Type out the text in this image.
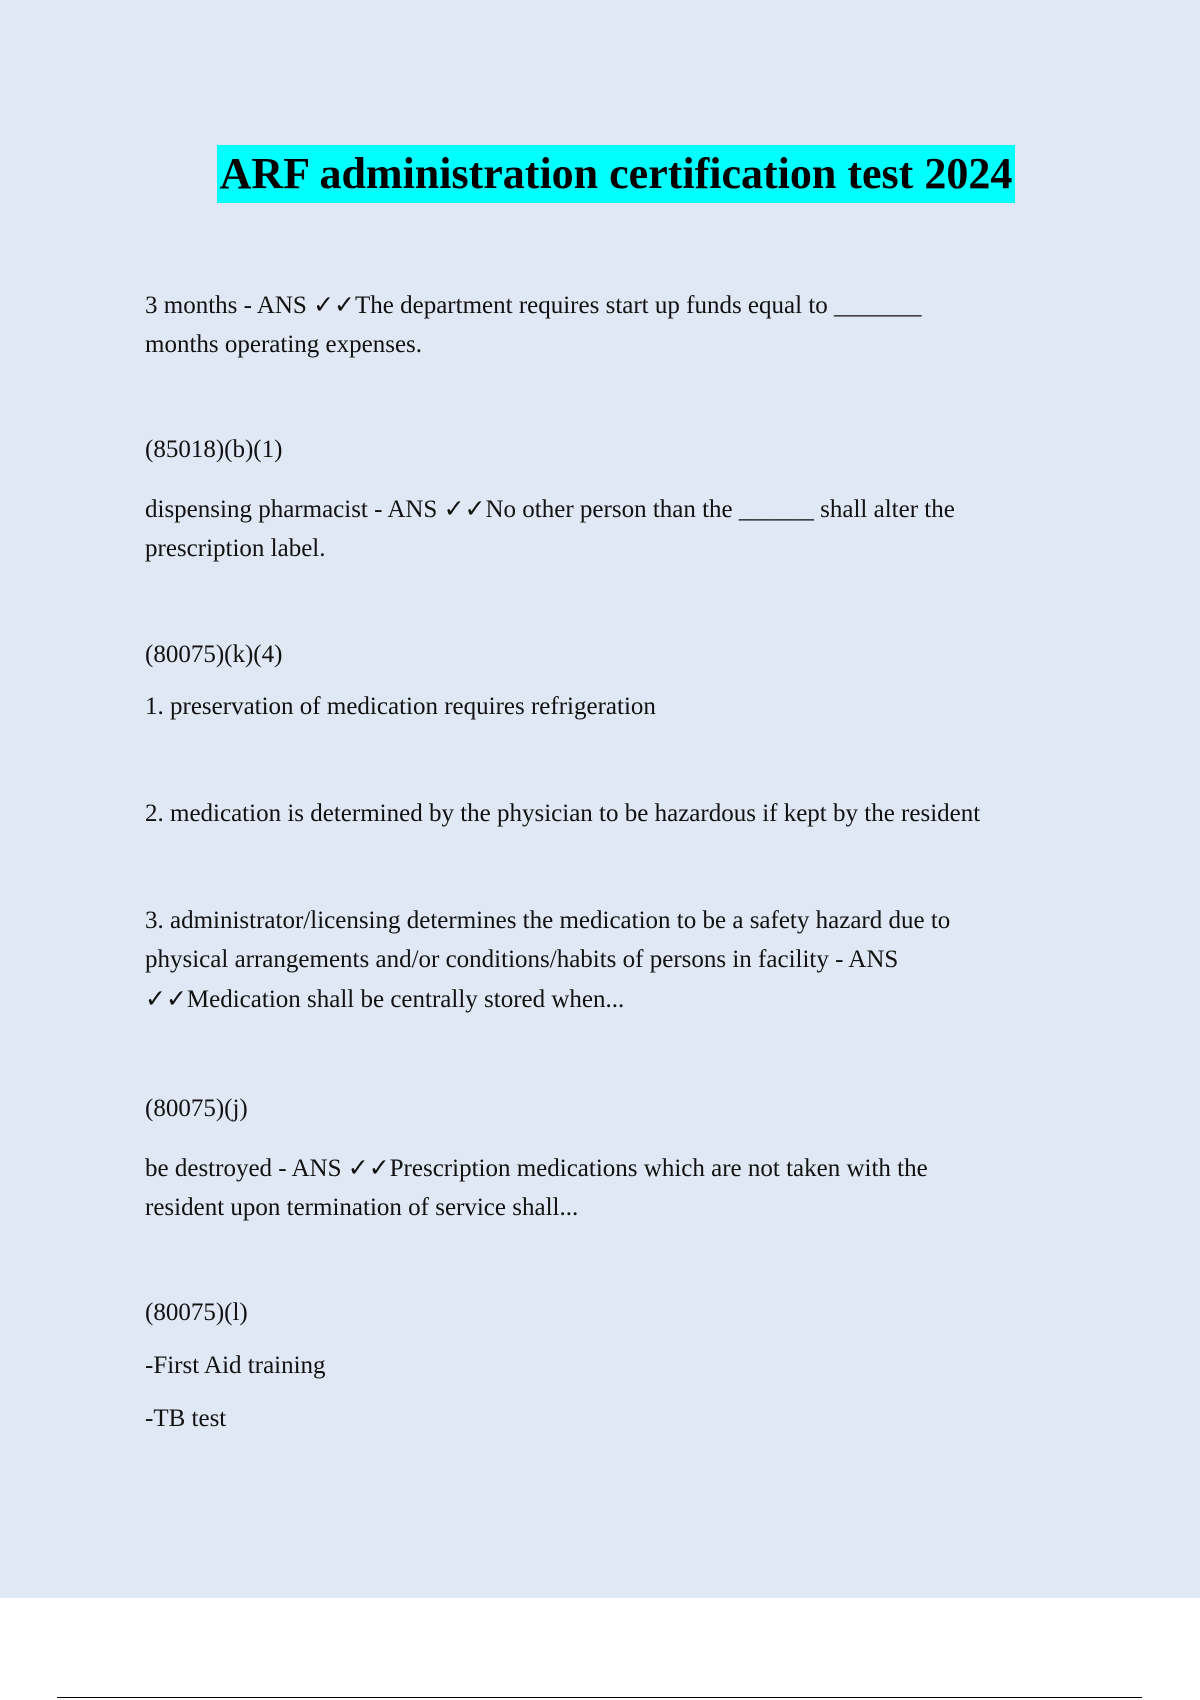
ARF administration certification test 2024

3 months - ANS ✓✓The department requires start up funds equal to _______
months operating expenses.

(85018)(b)(1)

dispensing pharmacist - ANS ✓✓No other person than the ______ shall alter the
prescription label.

(80075)(k)(4)

1. preservation of medication requires refrigeration

2. medication is determined by the physician to be hazardous if kept by the resident

3. administrator/licensing determines the medication to be a safety hazard due to
physical arrangements and/or conditions/habits of persons in facility - ANS
✓✓Medication shall be centrally stored when...

(80075)(j)

be destroyed - ANS ✓✓Prescription medications which are not taken with the
resident upon termination of service shall...

(80075)(l)

-First Aid training

-TB test
